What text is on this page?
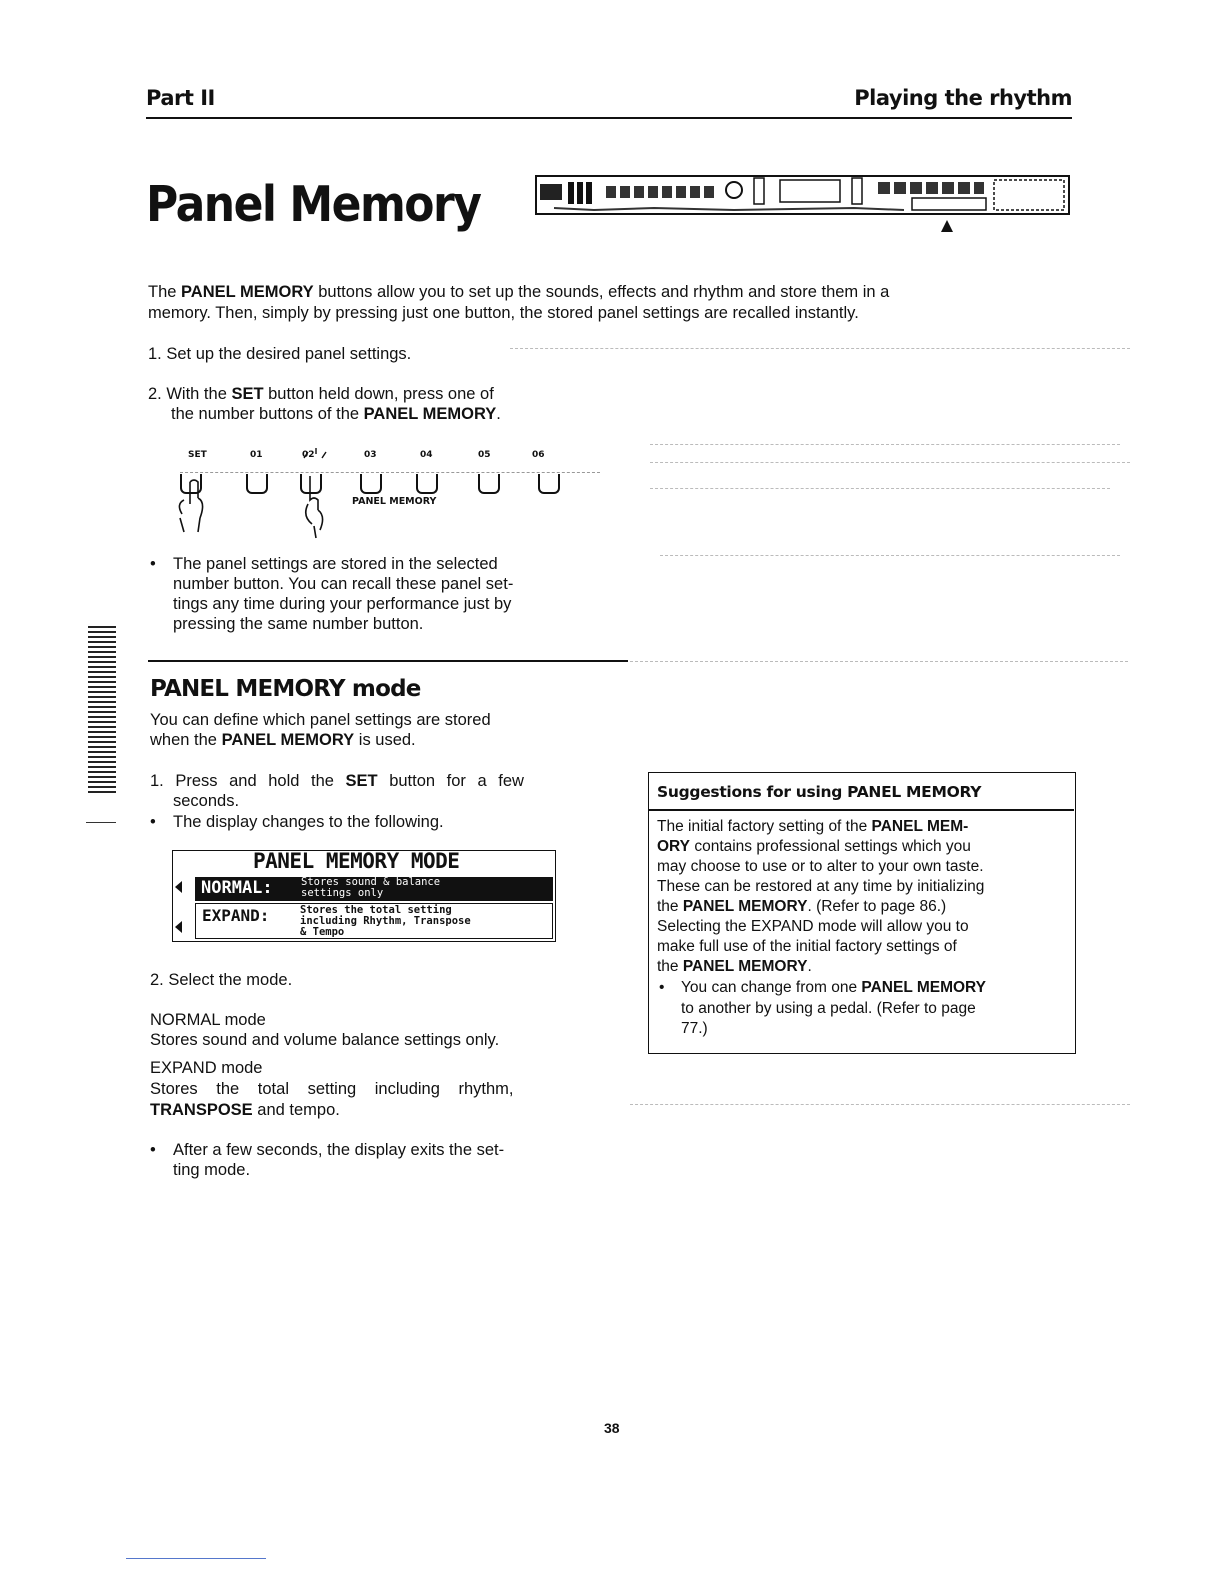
Part II	Playing the rhythm
Panel Memory
The PANEL MEMORY buttons allow you to set up the sounds, effects and rhythm and store them in a
memory. Then, simply by pressing just one button, the stored panel settings are recalled instantly.
1. Set up the desired panel settings.
2. With the SET button held down, press one of
the number buttons of the PANEL MEMORY.
SET	01	02	03	04	05	06
PANEL MEMORY
• The panel settings are stored in the selected
number button. You can recall these panel set-
tings any time during your performance just by
pressing the same number button.
PANEL MEMORY mode
You can define which panel settings are stored
when the PANEL MEMORY is used.
1. Press and hold the SET button for a few
seconds.
• The display changes to the following.
PANEL MEMORY MODE
NORMAL:	Stores sound & balance
settings only
EXPAND:	Stores the total setting
including Rhythm, Transpose
& Tempo
2. Select the mode.
NORMAL mode
Stores sound and volume balance settings only.
EXPAND mode
Stores the total setting including rhythm,
TRANSPOSE and tempo.
• After a few seconds, the display exits the set-
ting mode.
Suggestions for using PANEL MEMORY
The initial factory setting of the PANEL MEM-
ORY contains professional settings which you
may choose to use or to alter to your own taste.
These can be restored at any time by initializing
the PANEL MEMORY. (Refer to page 86.)
Selecting the EXPAND mode will allow you to
make full use of the initial factory settings of
the PANEL MEMORY.
• You can change from one PANEL MEMORY
to another by using a pedal. (Refer to page
77.)
38
